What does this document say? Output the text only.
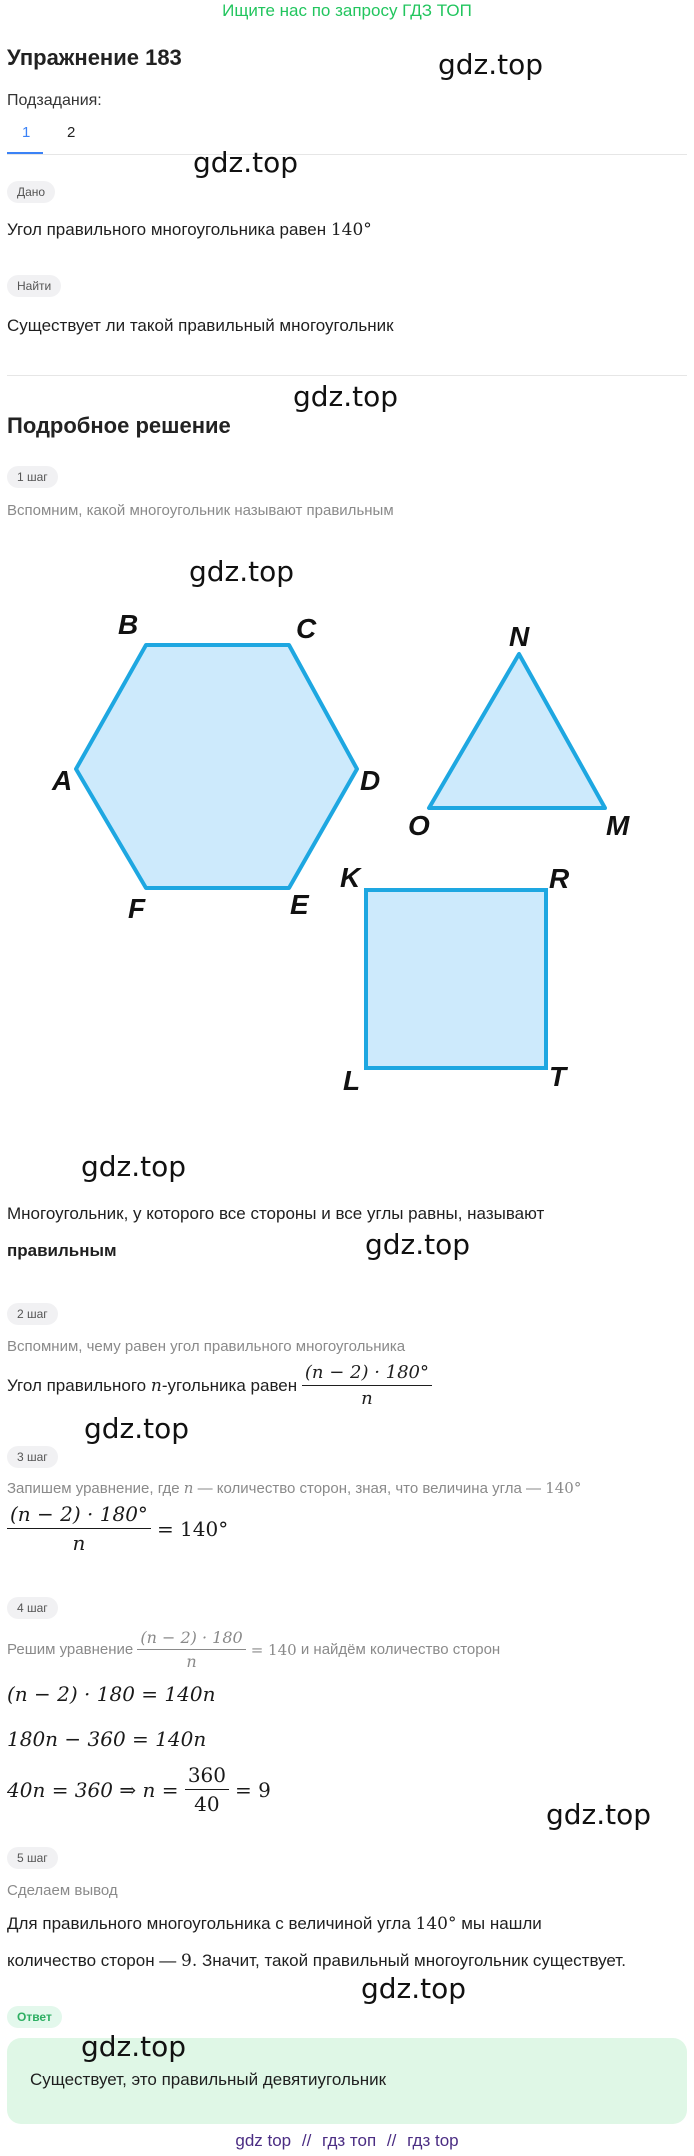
Ищите нас по запросу ГДЗ ТОП
Упражнение 183	gdz.top
Подзадания:
1 2
gdz.top
Дано
Угол правильного многоугольника равен 140°
Найти
Существует ли такой правильный многоугольник
gdz.top
Подробное решение
1 шаг
Вспомним, какой многоугольник называют правильным
gdz.top
A
B	C
D
E
F
N
O	M
K	R
T
L
gdz.top
Многоугольник, у которого все стороны и все углы равны, называют
gdz.top
правильным
2 шаг
Вспомним, чему равен угол правильного многоугольника
Угол правильного
n -угольника равен
$\frac{(n - 2) \cdot 180^\circ}{n}$
gdz.top
3 шаг
Запишем уравнение, где n — количество сторон, зная, что величина угла — 140°
$\frac{(n - 2) \cdot 180^\circ}{n} = 140^\circ$
4 шаг
Решим уравнение
$\frac{(n - 2) \cdot 180}{n} = 140$
и найдём количество сторон
(n − 2) · 180 = 140n
180n − 360 = 140n
40n = 360 ⇒ n =
$\frac{360}{40} = 9$
gdz.top
5 шаг
Сделаем вывод
Для правильного многоугольника с величиной угла 140° мы нашли
количество сторон — 9. Значит, такой правильный многоугольник существует.
gdz.top
Ответ
Существует, это правильный девятиугольник
gdz.top
gdz top // гдз топ // гдз top
